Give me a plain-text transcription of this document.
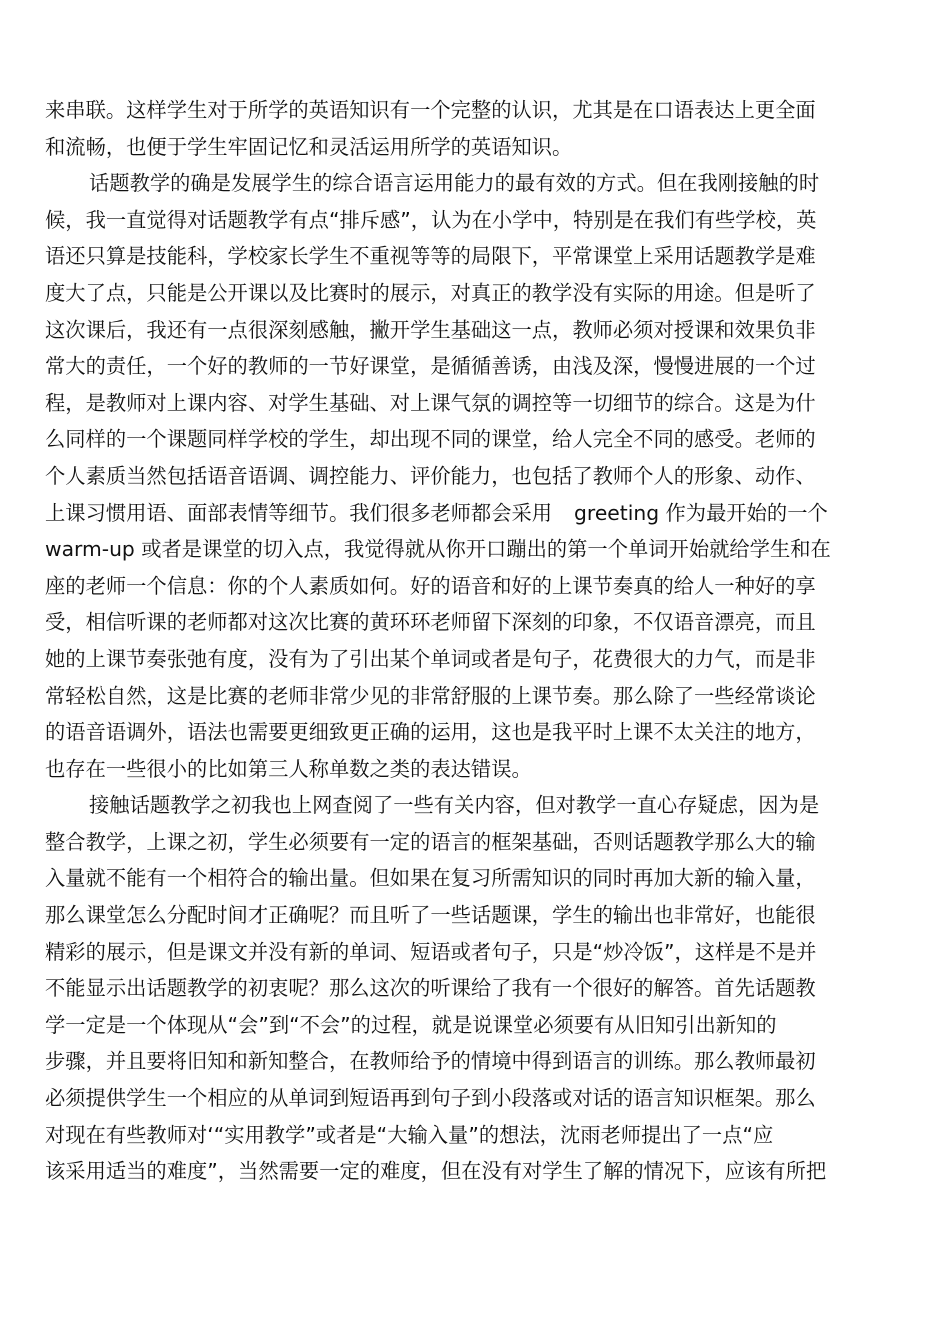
来串联。这样学生对于所学的英语知识有一个完整的认识，尤其是在口语表达上更全面
和流畅，也便于学生牢固记忆和灵活运用所学的英语知识。
话题教学的确是发展学生的综合语言运用能力的最有效的方式。但在我刚接触的时
候，我一直觉得对话题教学有点“排斥感”，认为在小学中，特别是在我们有些学校，英
语还只算是技能科，学校家长学生不重视等等的局限下，平常课堂上采用话题教学是难
度大了点，只能是公开课以及比赛时的展示，对真正的教学没有实际的用途。但是听了
这次课后，我还有一点很深刻感触，撇开学生基础这一点，教师必须对授课和效果负非
常大的责任，一个好的教师的一节好课堂，是循循善诱，由浅及深，慢慢进展的一个过
程，是教师对上课内容、对学生基础、对上课气氛的调控等一切细节的综合。这是为什
么同样的一个课题同样学校的学生，却出现不同的课堂，给人完全不同的感受。老师的
个人素质当然包括语音语调、调控能力、评价能力，也包括了教师个人的形象、动作、
上课习惯用语、面部表情等细节。我们很多老师都会采用 greeting 作为最开始的一个
warm-up 或者是课堂的切入点，我觉得就从你开口蹦出的第一个单词开始就给学生和在
座的老师一个信息：你的个人素质如何。好的语音和好的上课节奏真的给人一种好的享
受，相信听课的老师都对这次比赛的黄环环老师留下深刻的印象，不仅语音漂亮，而且
她的上课节奏张弛有度，没有为了引出某个单词或者是句子，花费很大的力气，而是非
常轻松自然，这是比赛的老师非常少见的非常舒服的上课节奏。那么除了一些经常谈论
的语音语调外，语法也需要更细致更正确的运用，这也是我平时上课不太关注的地方，
也存在一些很小的比如第三人称单数之类的表达错误。
接触话题教学之初我也上网查阅了一些有关内容，但对教学一直心存疑虑，因为是
整合教学，上课之初，学生必须要有一定的语言的框架基础，否则话题教学那么大的输
入量就不能有一个相符合的输出量。但如果在复习所需知识的同时再加大新的输入量，
那么课堂怎么分配时间才正确呢？而且听了一些话题课，学生的输出也非常好，也能很
精彩的展示，但是课文并没有新的单词、短语或者句子，只是“炒冷饭”，这样是不是并
不能显示出话题教学的初衷呢？那么这次的听课给了我有一个很好的解答。首先话题教
学一定是一个体现从“会”到“不会”的过程，就是说课堂必须要有从旧知引出新知的
步骤，并且要将旧知和新知整合，在教师给予的情境中得到语言的训练。那么教师最初
必须提供学生一个相应的从单词到短语再到句子到小段落或对话的语言知识框架。那么
对现在有些教师对‘“实用教学”或者是“大输入量”的想法，沈雨老师提出了一点“应
该采用适当的难度”，当然需要一定的难度，但在没有对学生了解的情况下，应该有所把
